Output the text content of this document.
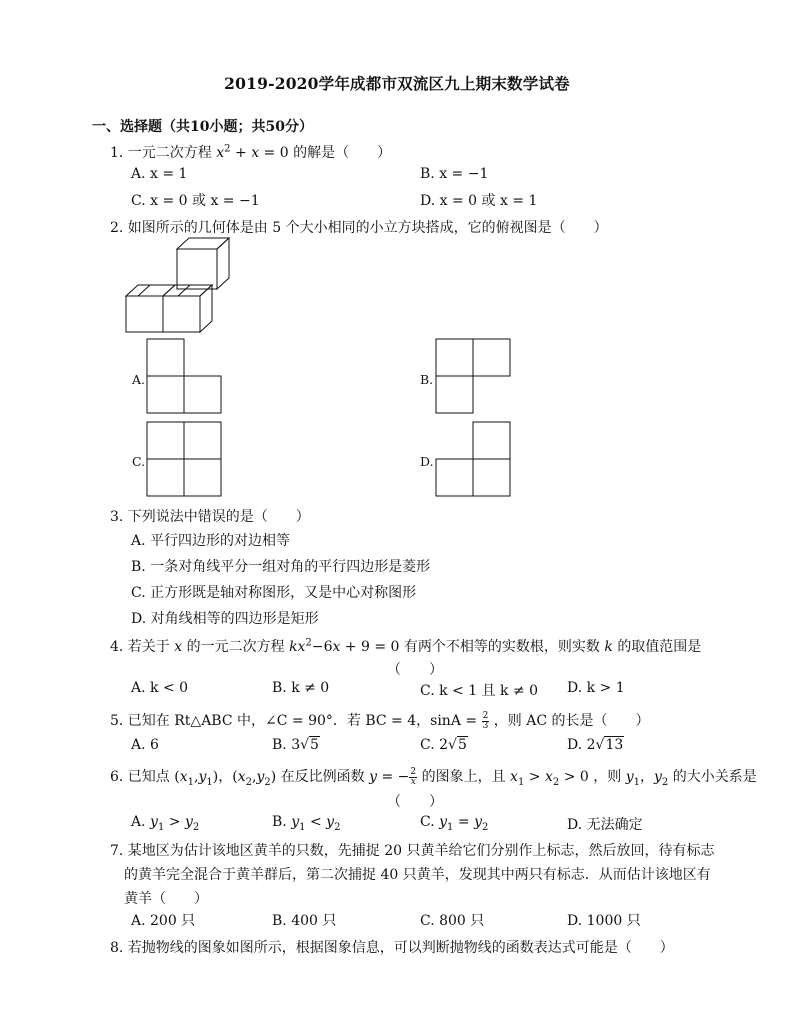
2019-2020学年成都市双流区九上期末数学试卷
一、选择题（共10小题；共50分）
1. 一元二次方程 $x^2 + x = 0$ 的解是（　　）
A. x = 1	B. x = −1
C. x = 0 或 x = −1	D. x = 0 或 x = 1
2. 如图所示的几何体是由 5 个大小相同的小立方块搭成，它的俯视图是（　　）
A.	B.
C.	D.
3. 下列说法中错误的是（　　）
A. 平行四边形的对边相等
B. 一条对角线平分一组对角的平行四边形是菱形
C. 正方形既是轴对称图形，又是中心对称图形
D. 对角线相等的四边形是矩形
4. 若关于 x 的一元二次方程 $kx^2-6x + 9 = 0$ 有两个不相等的实数根，则实数 k 的取值范围是
（　　）
A. k < 0	B. k ≠ 0	C. k < 1 且 k ≠ 0 D. k > 1
5. 已知在 Rt△ABC 中，∠C = 90°．若 BC = 4，$\sin A = \frac{2}{3}$ ，则 AC 的长是（　　）
A. 6	B. 3√5	C. 2√5	D. 2√13
6. 已知点 $(x_1,y_1)$，$(x_2,y_2)$ 在反比例函数 y = − $\frac{2}{x}$ 的图象上，且 $x_1 > x_2 > 0$ ，则 $y_1$，$y_2$ 的大小关系是
（　　）
A. $y_1 > y_2$	B. $y_1 < y_2$	C. $y_1 = y_2$	D. 无法确定
7. 某地区为估计该地区黄羊的只数，先捕捉 20 只黄羊给它们分别作上标志，然后放回，待有标志
的黄羊完全混合于黄羊群后，第二次捕捉 40 只黄羊，发现其中两只有标志．从而估计该地区有
黄羊（　　）
A. 200 只	B. 400 只	C. 800 只	D. 1000 只
8. 若抛物线的图象如图所示，根据图象信息，可以判断抛物线的函数表达式可能是（　　）
